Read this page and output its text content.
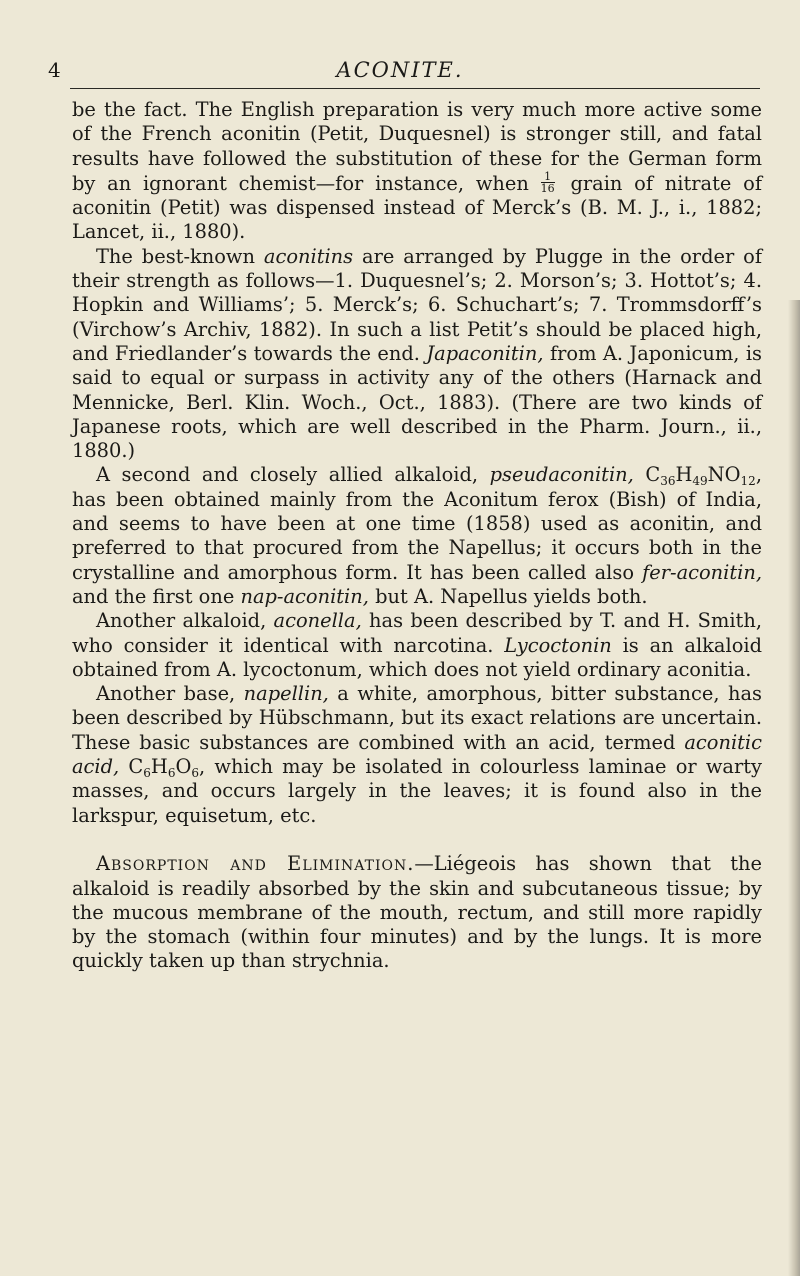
4	ACONITE.

be the fact. The English preparation is very much more active some of the French aconitin (Petit, Duquesnel) is stronger still, and fatal results have followed the substitution of these for the German form by an ignorant chemist—for instance, when $\frac{1}{16}$ grain of nitrate of aconitin (Petit) was dispensed instead of Merck’s (B. M. J., i., 1882; Lancet, ii., 1880).

The best-known aconitins are arranged by Plugge in the order of their strength as follows—1. Duquesnel’s; 2. Morson’s; 3. Hottot’s; 4. Hopkin and Williams’; 5. Merck’s; 6. Schuchart’s; 7. Trommsdorff’s (Virchow’s Archiv, 1882). In such a list Petit’s should be placed high, and Friedlander’s towards the end. Japaconitin, from A. Japonicum, is said to equal or surpass in activity any of the others (Harnack and Mennicke, Berl. Klin. Woch., Oct., 1883). (There are two kinds of Japanese roots, which are well described in the Pharm. Journ., ii., 1880.)

A second and closely allied alkaloid, pseudaconitin, $C_{36}H_{49}NO_{12}$, has been obtained mainly from the Aconitum ferox (Bish) of India, and seems to have been at one time (1858) used as aconitin, and preferred to that procured from the Napellus; it occurs both in the crystalline and amorphous form. It has been called also fer-aconitin, and the first one nap-aconitin, but A. Napellus yields both.

Another alkaloid, aconella, has been described by T. and H. Smith, who consider it identical with narcotina. Lycoctonin is an alkaloid obtained from A. lycoctonum, which does not yield ordinary aconitia.

Another base, napellin, a white, amorphous, bitter substance, has been described by Hübschmann, but its exact relations are uncertain. These basic substances are combined with an acid, termed aconitic acid, $C_6H_6O_6$, which may be isolated in colourless laminae or warty masses, and occurs largely in the leaves; it is found also in the larkspur, equisetum, etc.

Absorption and Elimination.—Liégeois has shown that the alkaloid is readily absorbed by the skin and subcutaneous tissue; by the mucous membrane of the mouth, rectum, and still more rapidly by the stomach (within four minutes) and by the lungs. It is more quickly taken up than strychnia.
